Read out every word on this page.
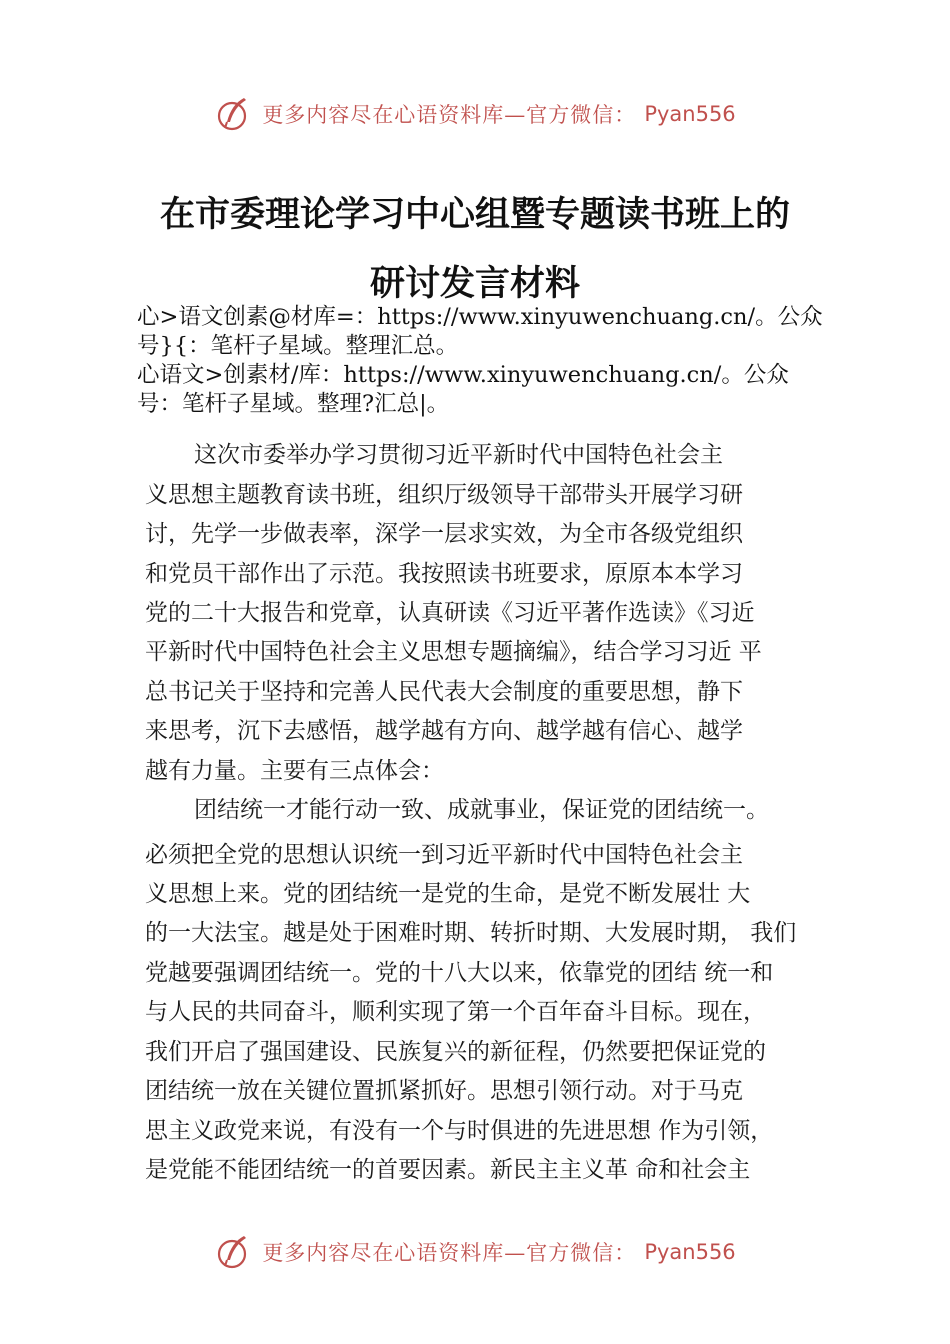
更多内容尽在心语资料库—官方微信： Pyan556
在市委理论学习中心组暨专题读书班上的
研讨发言材料
心>语文创素@材库=：https://www.xinyuwenchuang.cn/。公众
号}{：笔杆子星域。整理汇总。
心语文>创素材/库：https://www.xinyuwenchuang.cn/。公众
号：笔杆子星域。整理?汇总|。

这次市委举办学习贯彻习近平新时代中国特色社会主

义思想主题教育读书班，组织厅级领导干部带头开展学习研

讨，先学一步做表率，深学一层求实效，为全市各级党组织

和党员干部作出了示范。我按照读书班要求，原原本本学习

党的二十大报告和党章，认真研读《习近平著作选读》《习近

平新时代中国特色社会主义思想专题摘编》，结合学习习近 平

总书记关于坚持和完善人民代表大会制度的重要思想，静下

来思考，沉下去感悟，越学越有方向、越学越有信心、越学

越有力量。主要有三点体会：

团结统一才能行动一致、成就事业，保证党的团结统一。

必须把全党的思想认识统一到习近平新时代中国特色社会主

义思想上来。党的团结统一是党的生命，是党不断发展壮 大

的一大法宝。越是处于困难时期、转折时期、大发展时期， 我们

党越要强调团结统一。党的十八大以来，依靠党的团结 统一和

与人民的共同奋斗，顺利实现了第一个百年奋斗目标。现在，

我们开启了强国建设、民族复兴的新征程，仍然要把保证党的

团结统一放在关键位置抓紧抓好。思想引领行动。对于马克

思主义政党来说，有没有一个与时俱进的先进思想 作为引领，

是党能不能团结统一的首要因素。新民主主义革 命和社会主

更多内容尽在心语资料库—官方微信： Pyan556
